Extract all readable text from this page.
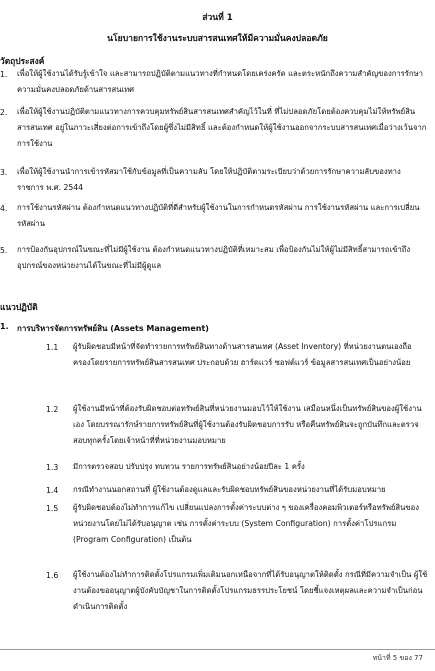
ส่วนที่ 1
นโยบายการใช้งานระบบสารสนเทศให้มีความมั่นคงปลอดภัย
วัตถุประสงค์
1. เพื่อให้ผู้ใช้งานได้รับรู้เข้าใจ และสามารถปฏิบัติตามแนวทางที่กำหนดโดยเคร่งครัด และตระหนักถึงความสำคัญของการรักษาความมั่นคงปลอดภัยด้านสารสนเทศ
2. เพื่อให้ผู้ใช้งานปฏิบัติตามแนวทางการควบคุมทรัพย์สินสารสนเทศสำคัญไว้ในที่ ที่ไม่ปลอดภัยโดยต้องควบคุมไม่ให้ทรัพย์สินสารสนเทศ อยู่ในภาวะเสี่ยงต่อการเข้าถึงโดยผู้ซึ่งไม่มีสิทธิ์ และต้องกำหนดให้ผู้ใช้งานออกจากระบบสารสนเทศเมื่อว่างเว้นจากการใช้งาน
3. เพื่อให้ผู้ใช้งานนำการเข้ารหัสมาใช้กับข้อมูลที่เป็นความลับ โดยให้ปฏิบัติตามระเบียบว่าด้วยการรักษาความลับของทางราชการ พ.ศ. 2544
4. การใช้งานรหัสผ่าน ต้องกำหนดแนวทางปฏิบัติที่ดีสำหรับผู้ใช้งานในการกำหนดรหัสผ่าน การใช้งานรหัสผ่าน และการเปลี่ยนรหัสผ่าน
5. การป้องกันอุปกรณ์ในขณะที่ไม่มีผู้ใช้งาน ต้องกำหนดแนวทางปฏิบัติที่เหมาะสม เพื่อป้องกันไม่ให้ผู้ไม่มีสิทธิ์สามารถเข้าถึงอุปกรณ์ของหน่วยงานได้ในขณะที่ไม่มีผู้ดูแล
แนวปฏิบัติ
1. การบริหารจัดการทรัพย์สิน (Assets Management)
1.1 ผู้รับผิดชอบมีหน้าที่จัดทำรายการทรัพย์สินทางด้านสารสนเทศ (Asset Inventory) ที่หน่วยงานตนเองถือครองโดยรายการทรัพย์สินสารสนเทศ ประกอบด้วย ฮาร์ดแวร์ ซอฟต์แวร์ ข้อมูลสารสนเทศเป็นอย่างน้อย
1.2 ผู้ใช้งานมีหน้าที่ต้องรับผิดชอบต่อทรัพย์สินที่หน่วยงานมอบไว้ให้ใช้งาน เสมือนหนึ่งเป็นทรัพย์สินของผู้ใช้งานเอง โดยบรรณารักษ์รายการทรัพย์สินที่ผู้ใช้งานต้องรับผิดชอบการรับ หรือคืนทรัพย์สินจะถูกบันทึกและตรวจสอบทุกครั้งโดยเจ้าหน้าที่ที่หน่วยงานมอบหมาย
1.3 มีการตรวจสอบ ปรับปรุง ทบทวน รายการทรัพย์สินอย่างน้อยปีละ 1 ครั้ง
1.4 กรณีทำงานนอกสถานที่ ผู้ใช้งานต้องดูแลและรับผิดชอบทรัพย์สินของหน่วยงานที่ได้รับมอบหมาย
1.5 ผู้รับผิดชอบต้องไม่ทำการแก้ไข เปลี่ยนแปลงการตั้งค่าระบบต่าง ๆ ของเครื่องคอมพิวเตอร์หรือทรัพย์สินของหน่วยงานโดยไม่ได้รับอนุญาต เช่น การตั้งค่าระบบ (System Configuration) การตั้งค่าโปรแกรม (Program Configuration) เป็นต้น
1.6 ผู้ใช้งานต้องไม่ทำการติดตั้งโปรแกรมเพิ่มเติมนอกเหนือจากที่ได้รับอนุญาตให้ติดตั้ง กรณีที่มีความจำเป็น ผู้ใช้งานต้องขออนุญาตผู้บังคับบัญชาในการติดตั้งโปรแกรมธรรประโยชน์ โดยชี้แจงเหตุผลและความจำเป็นก่อนดำเนินการติดตั้ง
หน้าที่ 5 ของ 77
